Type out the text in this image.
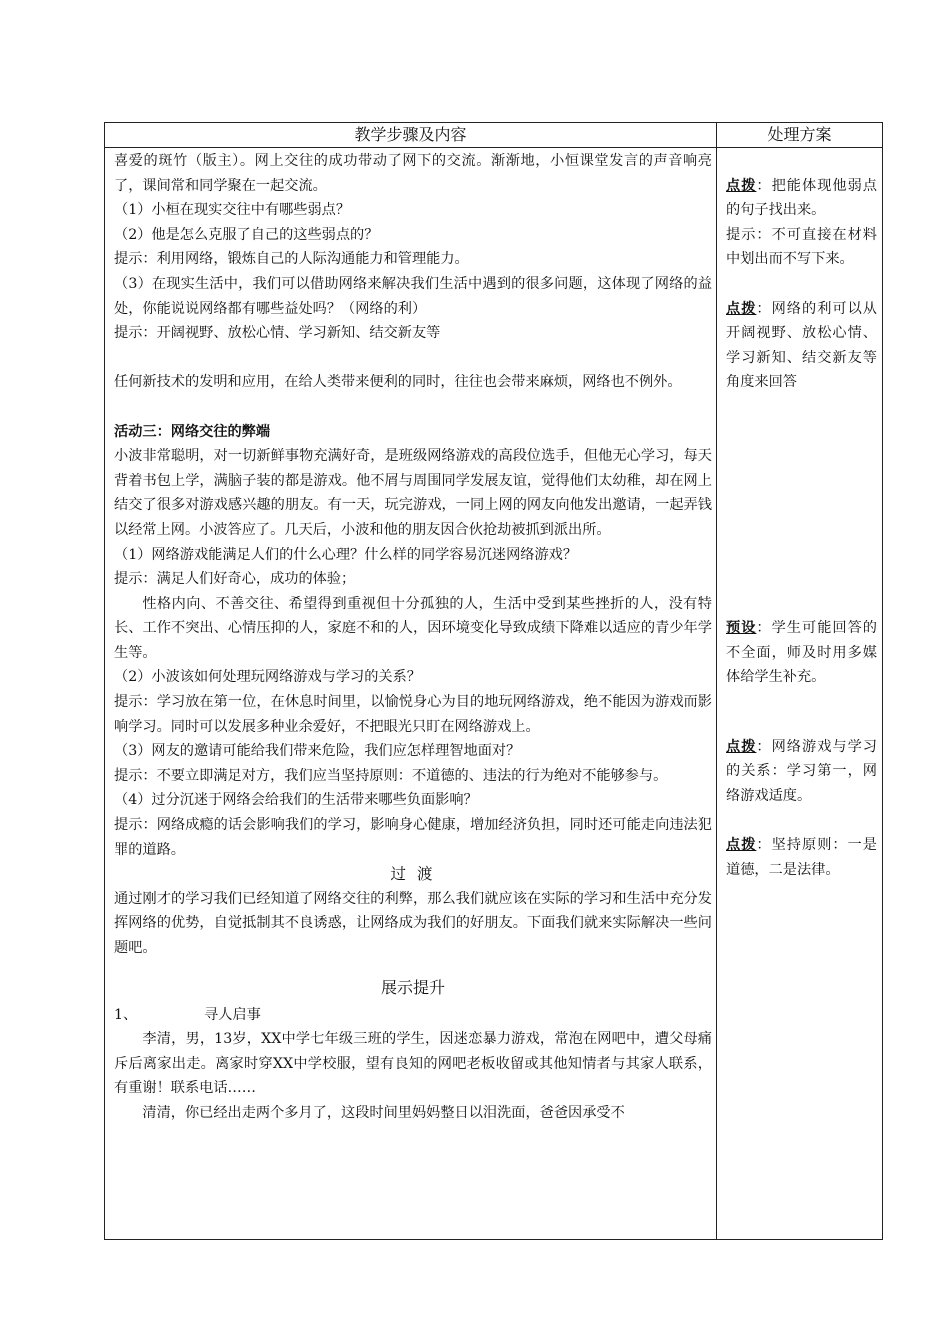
教学步骤及内容	处理方案

喜爱的斑竹（版主）。网上交往的成功带动了网下的交流。渐渐地，小恒课堂发言的声音响亮了，课间常和同学聚在一起交流。

（1）小桓在现实交往中有哪些弱点？

（2）他是怎么克服了自己的这些弱点的？

提示：利用网络，锻炼自己的人际沟通能力和管理能力。

（3）在现实生活中，我们可以借助网络来解决我们生活中遇到的很多问题，这体现了网络的益处，你能说说网络都有哪些益处吗？（网络的利）

提示：开阔视野、放松心情、学习新知、结交新友等

任何新技术的发明和应用，在给人类带来便利的同时，往往也会带来麻烦，网络也不例外。

活动三：网络交往的弊端

小波非常聪明，对一切新鲜事物充满好奇，是班级网络游戏的高段位选手，但他无心学习，每天背着书包上学，满脑子装的都是游戏。他不屑与周围同学发展友谊，觉得他们太幼稚，却在网上结交了很多对游戏感兴趣的朋友。有一天，玩完游戏，一同上网的网友向他发出邀请，一起弄钱以经常上网。小波答应了。几天后，小波和他的朋友因合伙抢劫被抓到派出所。

（1）网络游戏能满足人们的什么心理？什么样的同学容易沉迷网络游戏？

提示：满足人们好奇心，成功的体验；

性格内向、不善交往、希望得到重视但十分孤独的人，生活中受到某些挫折的人，没有特长、工作不突出、心情压抑的人，家庭不和的人，因环境变化导致成绩下降难以适应的青少年学生等。

（2）小波该如何处理玩网络游戏与学习的关系？

提示：学习放在第一位，在休息时间里，以愉悦身心为目的地玩网络游戏，绝不能因为游戏而影响学习。同时可以发展多种业余爱好，不把眼光只盯在网络游戏上。

（3）网友的邀请可能给我们带来危险，我们应怎样理智地面对？

提示：不要立即满足对方，我们应当坚持原则：不道德的、违法的行为绝对不能够参与。

（4）过分沉迷于网络会给我们的生活带来哪些负面影响？

提示：网络成瘾的话会影响我们的学习，影响身心健康，增加经济负担，同时还可能走向违法犯罪的道路。

过 渡

通过刚才的学习我们已经知道了网络交往的利弊，那么我们就应该在实际的学习和生活中充分发挥网络的优势，自觉抵制其不良诱惑，让网络成为我们的好朋友。下面我们就来实际解决一些问题吧。

展示提升

1、	寻人启事

李清，男，13岁，XX中学七年级三班的学生，因迷恋暴力游戏，常泡在网吧中，遭父母痛斥后离家出走。离家时穿XX中学校服，望有良知的网吧老板收留或其他知情者与其家人联系，有重谢！联系电话……

清清，你已经出走两个多月了，这段时间里妈妈整日以泪洗面，爸爸因承受不

点拨：把能体现他弱点的句子找出来。

提示：不可直接在材料中划出而不写下来。

点拨：网络的利可以从开阔视野、放松心情、学习新知、结交新友等角度来回答

预设：学生可能回答的不全面，师及时用多媒体给学生补充。

点拨：网络游戏与学习的关系：学习第一，网络游戏适度。

点拨：坚持原则：一是道德，二是法律。
